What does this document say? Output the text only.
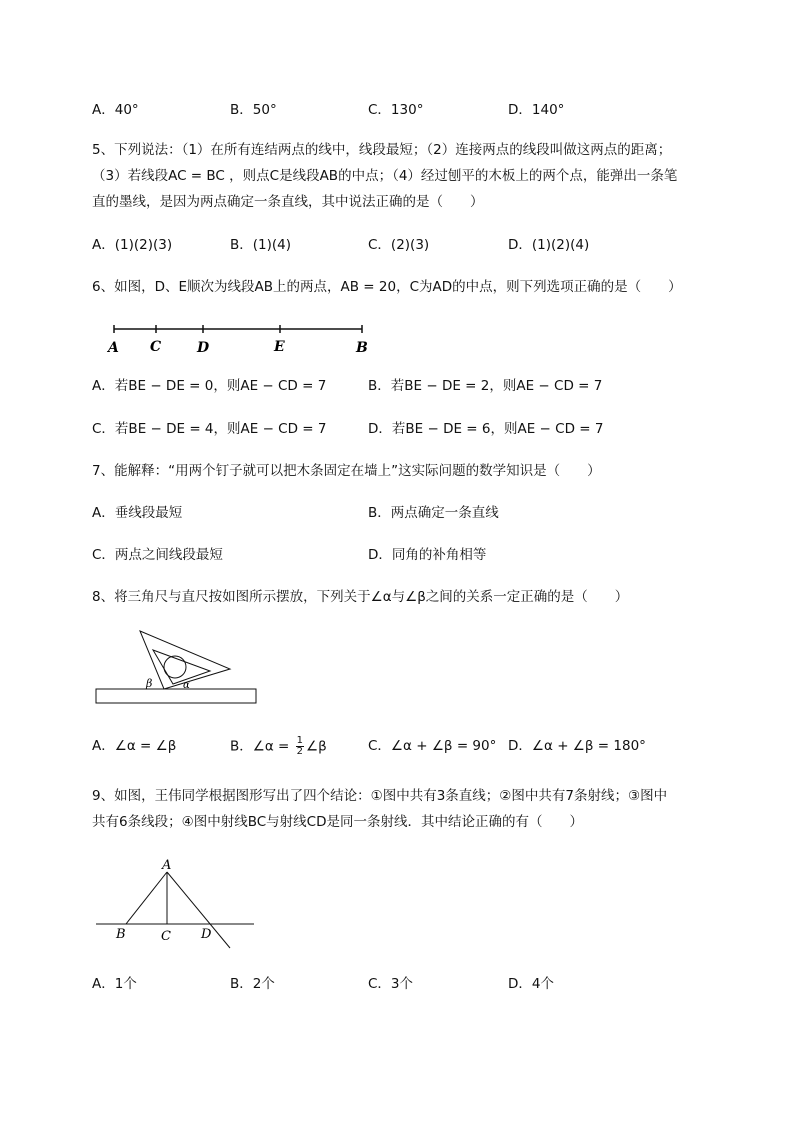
A．40°	B．50°	C．130°	D．140°
5、下列说法：（1）在所有连结两点的线中，线段最短；（2）连接两点的线段叫做这两点的距离；
（3）若线段AC = BC ，则点C是线段AB的中点；（4）经过刨平的木板上的两个点，能弹出一条笔
直的墨线，是因为两点确定一条直线，其中说法正确的是（　　）
A．(1)(2)(3)	B．(1)(4)	C．(2)(3)	D．(1)(2)(4)
6、如图，D、E顺次为线段AB上的两点，AB = 20，C为AD的中点，则下列选项正确的是（　　）
A C	D	E	B
A．若BE − DE = 0，则AE − CD = 7	B．若BE − DE = 2，则AE − CD = 7
C．若BE − DE = 4，则AE − CD = 7	D．若BE − DE = 6，则AE − CD = 7
7、能解释：“用两个钉子就可以把木条固定在墙上”这实际问题的数学知识是（　　）
A．垂线段最短	B．两点确定一条直线
C．两点之间线段最短	D．同角的补角相等
8、将三角尺与直尺按如图所示摆放，下列关于∠α与∠β之间的关系一定正确的是（　　）
β	α
A．∠α = ∠β	B．∠α = $\frac{1}{2}$ ∠β	C．∠α + ∠β = 90° D．∠α + ∠β = 180°
9、如图，王伟同学根据图形写出了四个结论：①图中共有3条直线；②图中共有7条射线；③图中
共有6条线段；④图中射线BC与射线CD是同一条射线．其中结论正确的有（　　）
A
B	C D
A．1个	B．2个	C．3个	D．4个
